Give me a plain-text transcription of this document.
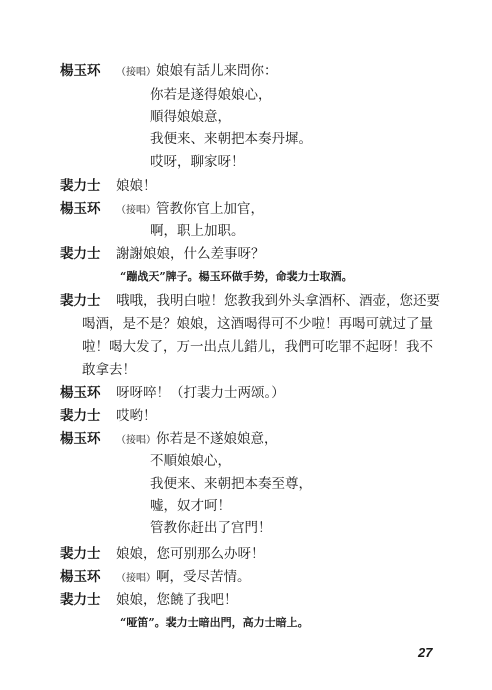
楊玉环 （接唱）娘娘有話儿来問你：
你若是遂得娘娘心，
順得娘娘意，
我便来、来朝把本奏丹墀。
哎呀，聊家呀！
裴力士 娘娘！
楊玉环 （接唱）管教你官上加官，
啊，职上加职。
裴力士 謝謝娘娘，什么差事呀？
“蹦战天”牌子。楊玉环做手势，命裴力士取酒。
裴力士 哦哦，我明白啦！您教我到外头拿酒杯、酒壶，您还要
喝酒，是不是？娘娘，这酒喝得可不少啦！再喝可就过了量
啦！喝大发了，万一出点儿錯儿，我們可吃罪不起呀！我不
敢拿去！
楊玉环 呀呀啐！（打裴力士两颂。）
裴力士 哎哟！
楊玉环 （接唱）你若是不遂娘娘意，
不順娘娘心，
我便来、来朝把本奏至尊，
嘘，奴才呵！
管教你赶出了宫門！
裴力士 娘娘，您可别那么办呀！
楊玉环 （接唱）啊，受尽苦情。
裴力士 娘娘，您饒了我吧！
“哑笛”。裴力士暗出門，高力士暗上。
27
